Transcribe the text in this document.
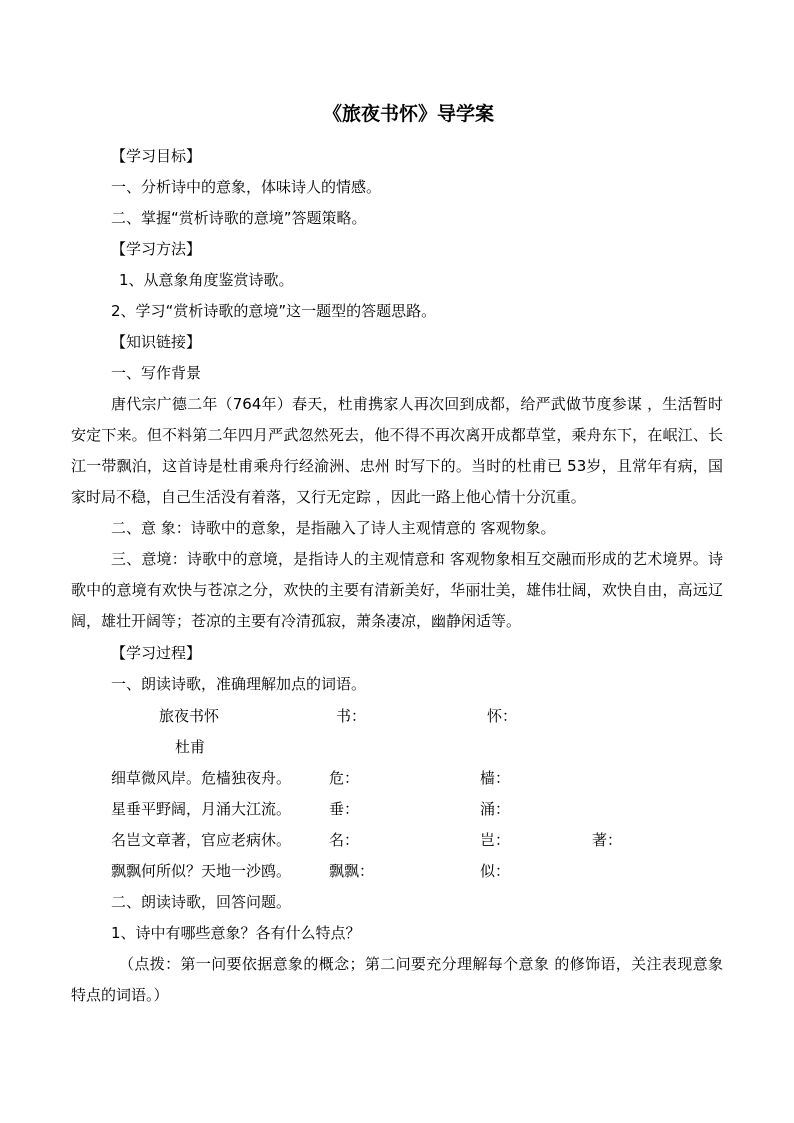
《旅夜书怀》导学案
【学习目标】
一、分析诗中的意象，体味诗人的情感。
二、掌握“赏析诗歌的意境”答题策略。
【学习方法】
1、从意象角度鉴赏诗歌。
2、学习“赏析诗歌的意境”这一题型的答题思路。
【知识链接】
一、写作背景
唐代宗广德二年（764年）春天，杜甫携家人再次回到成都，给严武做节度参谋 ，生活暂时安定下来。但不料第二年四月严武忽然死去，他不得不再次离开成都草堂，乘舟东下，在岷江、长江一带飘泊，这首诗是杜甫乘舟行经渝洲、忠州 时写下的。当时的杜甫已 53岁，且常年有病，国家时局不稳，自己生活没有着落，又行无定踪 ，因此一路上他心情十分沉重。
二、意 象：诗歌中的意象，是指融入了诗人主观情意的 客观物象。
三、意境：诗歌中的意境，是指诗人的主观情意和 客观物象相互交融而形成的艺术境界。诗歌中的意境有欢快与苍凉之分，欢快的主要有清新美好，华丽壮美，雄伟壮阔，欢快自由，高远辽阔，雄壮开阔等；苍凉的主要有冷清孤寂，萧条凄凉，幽静闲适等。
【学习过程】
一、朗读诗歌，准确理解加点的词语。
旅夜书怀	书：	怀：
杜甫
细草微风岸。危樯独夜舟。	危：	樯：
星垂平野阔，月涌大江流。	垂：	涌：
名岂文章著，官应老病休。	名：	岂：	著：
飘飘何所似？天地一沙鸥。	飘飘：	似：
二、朗读诗歌，回答问题。
1、诗中有哪些意象？各有什么特点？
（点拨：第一问要依据意象的概念；第二问要充分理解每个意象 的修饰语，关注表现意象特点的词语。）
